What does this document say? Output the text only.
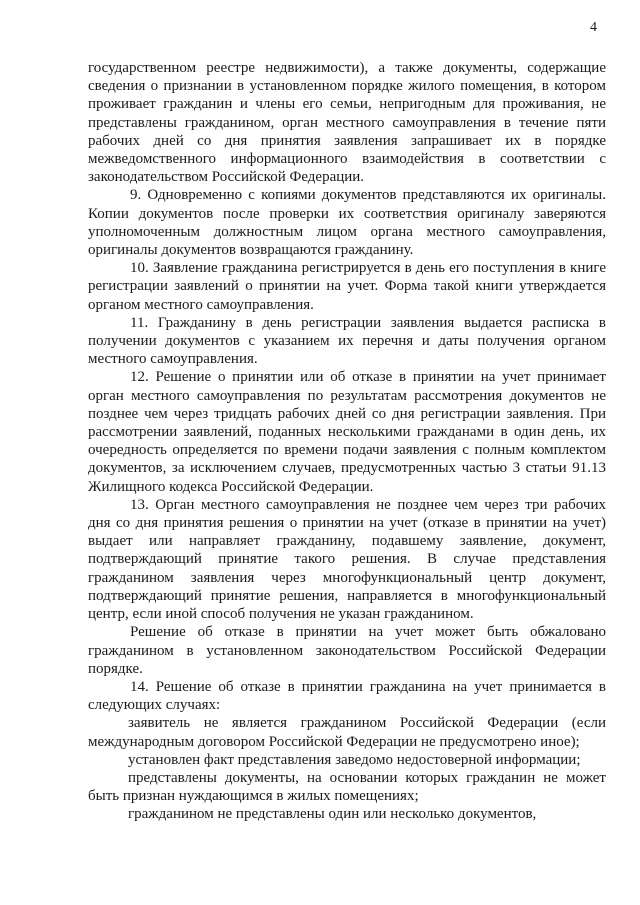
4

государственном реестре недвижимости), а также документы, содержащие сведения о признании в установленном порядке жилого помещения, в котором проживает гражданин и члены его семьи, непригодным для проживания, не представлены гражданином, орган местного самоуправления в течение пяти рабочих дней со дня принятия заявления запрашивает их в порядке межведомственного информационного взаимодействия в соответствии с законодательством Российской Федерации.

9. Одновременно с копиями документов представляются их оригиналы. Копии документов после проверки их соответствия оригиналу заверяются уполномоченным должностным лицом органа местного самоуправления, оригиналы документов возвращаются гражданину.

10. Заявление гражданина регистрируется в день его поступления в книге регистрации заявлений о принятии на учет. Форма такой книги утверждается органом местного самоуправления.

11. Гражданину в день регистрации заявления выдается расписка в получении документов с указанием их перечня и даты получения органом местного самоуправления.

12. Решение о принятии или об отказе в принятии на учет принимает орган местного самоуправления по результатам рассмотрения документов не позднее чем через тридцать рабочих дней со дня регистрации заявления. При рассмотрении заявлений, поданных несколькими гражданами в один день, их очередность определяется по времени подачи заявления с полным комплектом документов, за исключением случаев, предусмотренных частью 3 статьи 91.13 Жилищного кодекса Российской Федерации.

13. Орган местного самоуправления не позднее чем через три рабочих дня со дня принятия решения о принятии на учет (отказе в принятии на учет) выдает или направляет гражданину, подавшему заявление, документ, подтверждающий принятие такого решения. В случае представления гражданином заявления через многофункциональный центр документ, подтверждающий принятие решения, направляется в многофункциональный центр, если иной способ получения не указан гражданином.

Решение об отказе в принятии на учет может быть обжаловано гражданином в установленном законодательством Российской Федерации порядке.

14. Решение об отказе в принятии гражданина на учет принимается в следующих случаях:

заявитель не является гражданином Российской Федерации (если международным договором Российской Федерации не предусмотрено иное);

установлен факт представления заведомо недостоверной информации;

представлены документы, на основании которых гражданин не может быть признан нуждающимся в жилых помещениях;

гражданином не представлены один или несколько документов,
